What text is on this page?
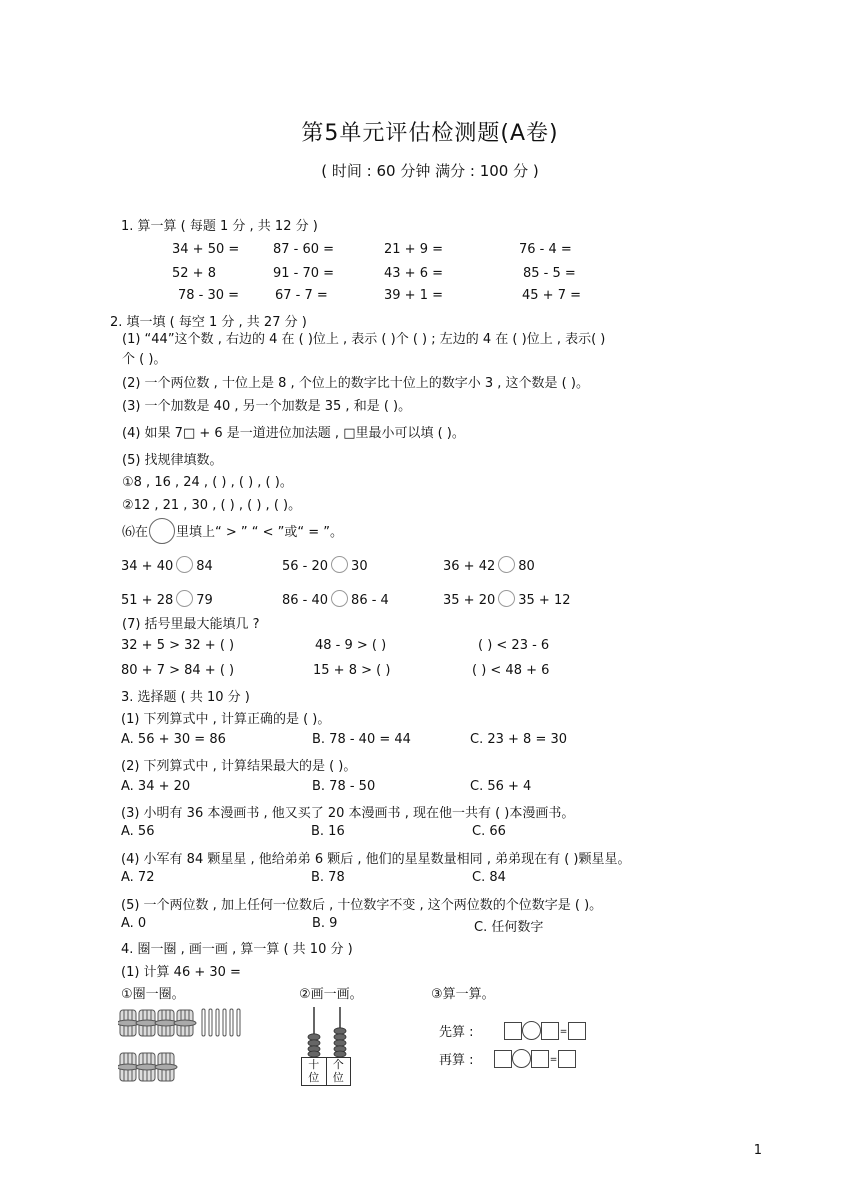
第5单元评估检测题(A卷)
( 时间 : 60 分钟 满分 : 100 分 )
1. 算一算 ( 每题 1 分 , 共 12 分 )
34 + 50 =	87 - 60 =	21 + 9 =	76 - 4 =
52 + 8	91 - 70 =	43 + 6 =	85 - 5 =
78 - 30 =	67 - 7 =	39 + 1 =	45 + 7 =
2. 填一填 ( 每空 1 分 , 共 27 分 )
(1) “44”这个数 , 右边的 4 在 ( )位上 , 表示 ( )个 ( ) ; 左边的 4 在 ( )位上 , 表示( )
个 ( )。
(2) 一个两位数 , 十位上是 8 , 个位上的数字比十位上的数字小 3 , 这个数是 ( )。
(3) 一个加数是 40 , 另一个加数是 35 , 和是 ( )。
(4) 如果 7□ + 6 是一道进位加法题 , □里最小可以填 ( )。
(5) 找规律填数。
①8 , 16 , 24 , ( ) , ( ) , ( )。
②12 , 21 , 30 , ( ) , ( ) , ( )。
⑹在 里填上“ > ” “ < ”或“ = ”。
34 + 40 84	56 - 20 30	36 + 42 80
51 + 28 79	86 - 40 86 - 4	35 + 20 35 + 12
(7) 括号里最大能填几 ?
32 + 5 > 32 + ( )	48 - 9 > ( )	( ) < 23 - 6
80 + 7 > 84 + ( )	15 + 8 > ( )	( ) < 48 + 6
3. 选择题 ( 共 10 分 )
(1) 下列算式中 , 计算正确的是 ( )。
A. 56 + 30 = 86	B. 78 - 40 = 44	C. 23 + 8 = 30
(2) 下列算式中 , 计算结果最大的是 ( )。
A. 34 + 20	B. 78 - 50	C. 56 + 4
(3) 小明有 36 本漫画书 , 他又买了 20 本漫画书 , 现在他一共有 ( )本漫画书。
A. 56	B. 16	C. 66
(4) 小军有 84 颗星星 , 他给弟弟 6 颗后 , 他们的星星数量相同 , 弟弟现在有 ( )颗星星。
A. 72	B. 78	C. 84
(5) 一个两位数 , 加上任何一位数后 , 十位数字不变 , 这个两位数的个位数字是 ( )。
A. 0	B. 9	C. 任何数字
4. 圈一圈 , 画一画 , 算一算 ( 共 10 分 )
(1) 计算 46 + 30 =
①圈一圈。	②画一画。	③算一算。
十
位
个
位
先算 :	=
再算 :	=
1
